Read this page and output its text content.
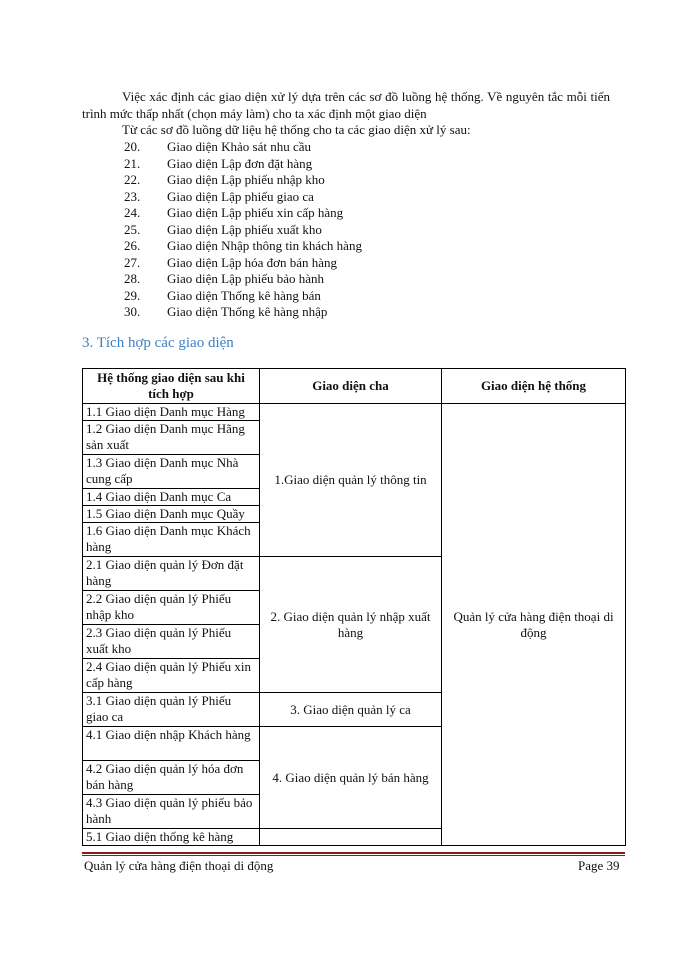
Việc xác định các giao diện xử lý dựa trên các sơ đồ luồng hệ thống. Về nguyên tắc mỗi tiến trình mức thấp nhất (chọn máy làm) cho ta xác định một giao diện

Từ các sơ đồ luồng dữ liệu hệ thống cho ta các giao diện xử lý sau:

20. Giao diện Khảo sát nhu cầu
21. Giao diện Lập đơn đặt hàng
22. Giao diện Lập phiếu nhập kho
23. Giao diện Lập phiếu giao ca
24. Giao diện Lập phiếu xin cấp hàng
25. Giao diện Lập phiếu xuất kho
26. Giao diện Nhập thông tin khách hàng
27. Giao diện Lập hóa đơn bán hàng
28. Giao diện Lập phiếu bảo hành
29. Giao diện Thống kê hàng bán
30. Giao diện Thống kê hàng nhập
3. Tích hợp các giao diện
Hệ thống giao diện sau khi tích hợp	Giao diện cha	Giao diện hệ thống
1.1 Giao diện Danh mục Hàng	1.Giao diện quản lý thông tin	Quản lý cửa hàng điện thoại di động
1.2 Giao diện Danh mục Hãng sản xuất		
1.3 Giao diện Danh mục Nhà cung cấp		
1.4 Giao diện Danh mục Ca		
1.5 Giao diện Danh mục Quầy		
1.6 Giao diện Danh mục Khách hàng		
2.1 Giao diện quản lý Đơn đặt hàng	2. Giao diện quản lý nhập xuất hàng	
2.2 Giao diện quản lý Phiếu nhập kho		
2.3 Giao diện quản lý Phiếu xuất kho		
2.4 Giao diện quản lý Phiếu xin cấp hàng		
3.1 Giao diện quản lý Phiếu giao ca	3. Giao diện quản lý ca	
4.1 Giao diện nhập Khách hàng	4. Giao diện quản lý bán hàng	
4.2 Giao diện quản lý hóa đơn bán hàng		
4.3 Giao diện quản lý phiếu bảo hành		
5.1 Giao diện thống kê hàng		
Quản lý cửa hàng điện thoại di động	Page 39
